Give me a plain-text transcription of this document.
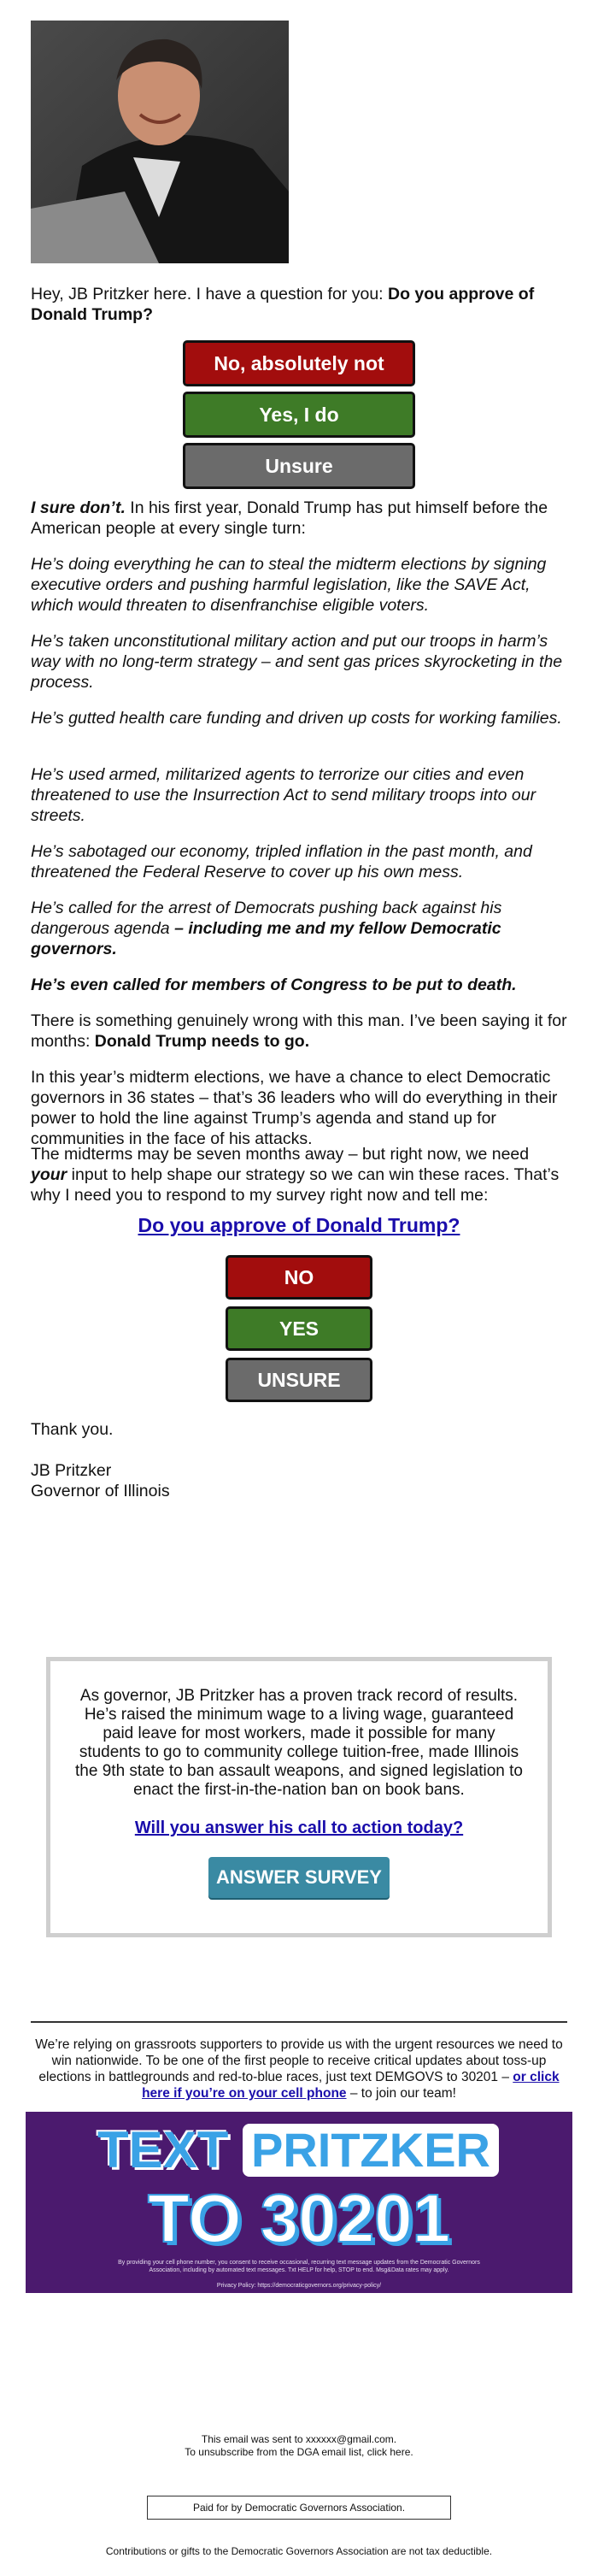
Hey, JB Pritzker here. I have a question for you: Do you approve of Donald Trump?

No, absolutely not
Yes, I do
Unsure

I sure don’t. In his first year, Donald Trump has put himself before the American people at every single turn:

He’s doing everything he can to steal the midterm elections by signing executive orders and pushing harmful legislation, like the SAVE Act, which would threaten to disenfranchise eligible voters.

He’s taken unconstitutional military action and put our troops in harm’s way with no long-term strategy – and sent gas prices skyrocketing in the process.

He’s gutted health care funding and driven up costs for working families.

He’s used armed, militarized agents to terrorize our cities and even threatened to use the Insurrection Act to send military troops into our streets.

He’s sabotaged our economy, tripled inflation in the past month, and threatened the Federal Reserve to cover up his own mess.

He’s called for the arrest of Democrats pushing back against his dangerous agenda – including me and my fellow Democratic governors.

He’s even called for members of Congress to be put to death.

There is something genuinely wrong with this man. I’ve been saying it for months: Donald Trump needs to go.

In this year’s midterm elections, we have a chance to elect Democratic governors in 36 states – that’s 36 leaders who will do everything in their power to hold the line against Trump’s agenda and stand up for communities in the face of his attacks.

The midterms may be seven months away – but right now, we need your input to help shape our strategy so we can win these races. That’s why I need you to respond to my survey right now and tell me:

Do you approve of Donald Trump?
NO
YES
UNSURE

Thank you.

JB Pritzker

Governor of Illinois

As governor, JB Pritzker has a proven track record of results. He’s raised the minimum wage to a living wage, guaranteed paid leave for most workers, made it possible for many students to go to community college tuition-free, made Illinois the 9th state to ban assault weapons, and signed legislation to enact the first-in-the-nation ban on book bans.

Will you answer his call to action today?
ANSWER SURVEY

We’re relying on grassroots supporters to provide us with the urgent resources we need to win nationwide. To be one of the first people to receive critical updates about toss-up elections in battlegrounds and red-to-blue races, just text DEMGOVS to 30201 – or click here if you’re on your cell phone – to join our team!

TEXT PRITZKER
TO 30201
By providing your cell phone number, you consent to receive occasional, recurring text message updates from the Democratic Governors Association, including by automated text messages. Txt HELP for help, STOP to end. Msg&Data rates may apply.
Privacy Policy: https://democraticgovernors.org/privacy-policy/
This email was sent to xxxxxx@gmail.com.
To unsubscribe from the DGA email list, click here.
Paid for by Democratic Governors Association.
Contributions or gifts to the Democratic Governors Association are not tax deductible.
